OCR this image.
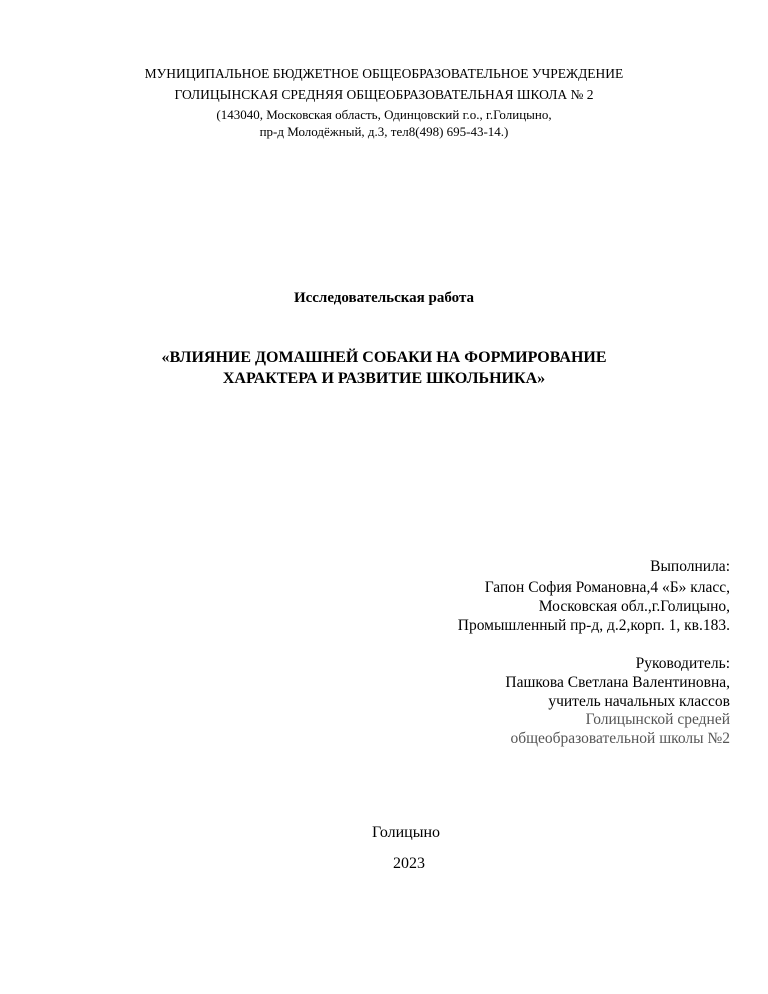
МУНИЦИПАЛЬНОЕ БЮДЖЕТНОЕ ОБЩЕОБРАЗОВАТЕЛЬНОЕ УЧРЕЖДЕНИЕ
ГОЛИЦЫНСКАЯ СРЕДНЯЯ ОБЩЕОБРАЗОВАТЕЛЬНАЯ ШКОЛА № 2
(143040, Московская область, Одинцовский г.о., г.Голицыно,
пр-д Молодёжный, д.3, тел8(498) 695-43-14.)
Исследовательская работа
«ВЛИЯНИЕ ДОМАШНЕЙ СОБАКИ НА ФОРМИРОВАНИЕ
ХАРАКТЕРА И РАЗВИТИЕ ШКОЛЬНИКА»
Выполнила:
Гапон София Романовна,4 «Б» класс,
Московская обл.,г.Голицыно,
Промышленный пр-д, д.2,корп. 1, кв.183.
Руководитель:
Пашкова Светлана Валентиновна,
учитель начальных классов
Голицынской средней
общеобразовательной школы №2
Голицыно
2023
